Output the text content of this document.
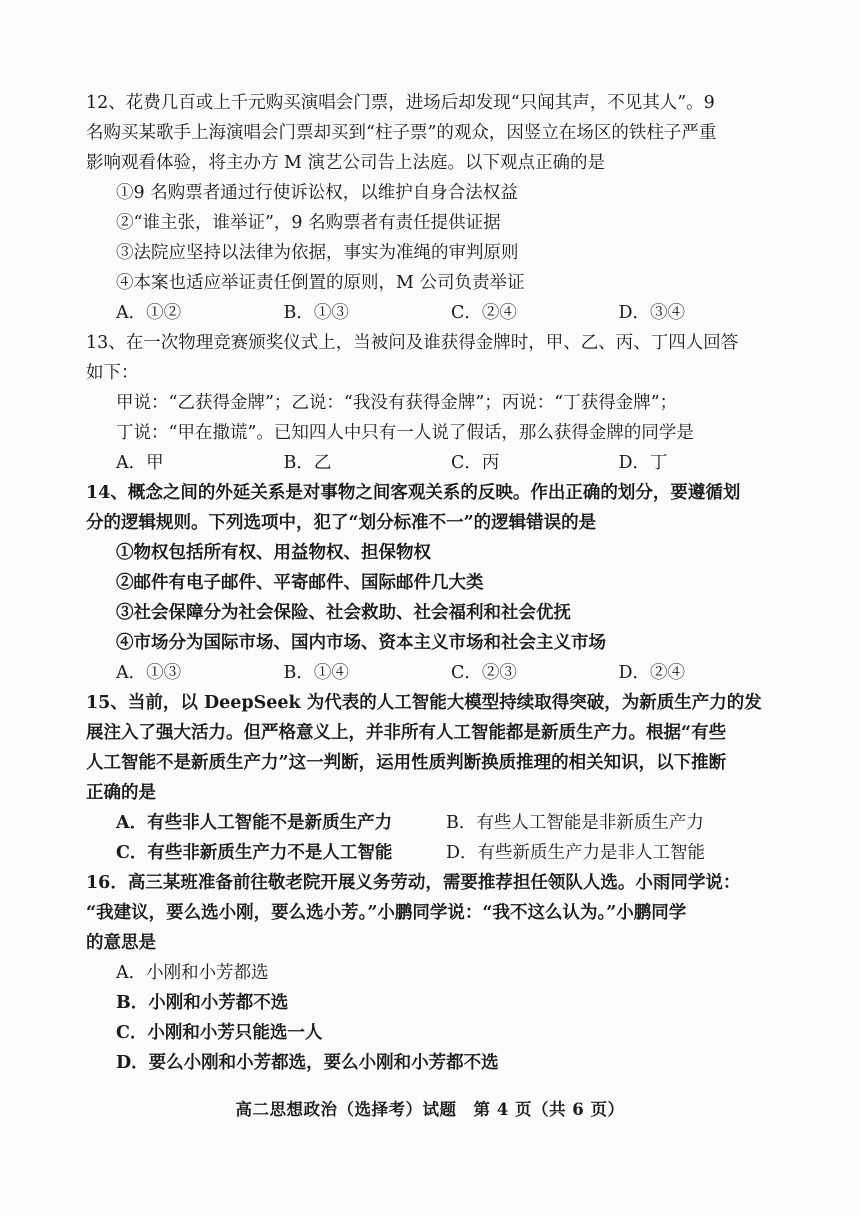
12、花费几百或上千元购买演唱会门票，进场后却发现“只闻其声，不见其人”。9

名购买某歌手上海演唱会门票却买到“柱子票”的观众，因竖立在场区的铁柱子严重

影响观看体验，将主办方 M 演艺公司告上法庭。以下观点正确的是

①9 名购票者通过行使诉讼权，以维护自身合法权益

②“谁主张，谁举证”，9 名购票者有责任提供证据

③法院应坚持以法律为依据，事实为准绳的审判原则

④本案也适应举证责任倒置的原则，M 公司负责举证

A．①②	B．①③	C．②④	D．③④

13、在一次物理竞赛颁奖仪式上，当被问及谁获得金牌时，甲、乙、丙、丁四人回答

如下：

甲说：“乙获得金牌”；乙说：“我没有获得金牌”；丙说：“丁获得金牌”；

丁说：“甲在撒谎”。已知四人中只有一人说了假话，那么获得金牌的同学是

A．甲	B．乙	C．丙	D．丁

14、概念之间的外延关系是对事物之间客观关系的反映。作出正确的划分，要遵循划

分的逻辑规则。下列选项中，犯了“划分标准不一”的逻辑错误的是

①物权包括所有权、用益物权、担保物权

②邮件有电子邮件、平寄邮件、国际邮件几大类

③社会保障分为社会保险、社会救助、社会福利和社会优抚

④市场分为国际市场、国内市场、资本主义市场和社会主义市场

A．①③	B．①④	C．②③	D．②④

15、当前，以 DeepSeek 为代表的人工智能大模型持续取得突破，为新质生产力的发

展注入了强大活力。但严格意义上，并非所有人工智能都是新质生产力。根据“有些

人工智能不是新质生产力”这一判断，运用性质判断换质推理的相关知识，以下推断

正确的是

A．有些非人工智能不是新质生产力	B．有些人工智能是非新质生产力
C．有些非新质生产力不是人工智能	D．有些新质生产力是非人工智能

16．高三某班准备前往敬老院开展义务劳动，需要推荐担任领队人选。小雨同学说：

“我建议，要么选小刚，要么选小芳。”小鹏同学说：“我不这么认为。”小鹏同学

的意思是

A．小刚和小芳都选

B．小刚和小芳都不选

C．小刚和小芳只能选一人

D．要么小刚和小芳都选，要么小刚和小芳都不选

高二思想政治（选择考）试题　第 4 页（共 6 页）
